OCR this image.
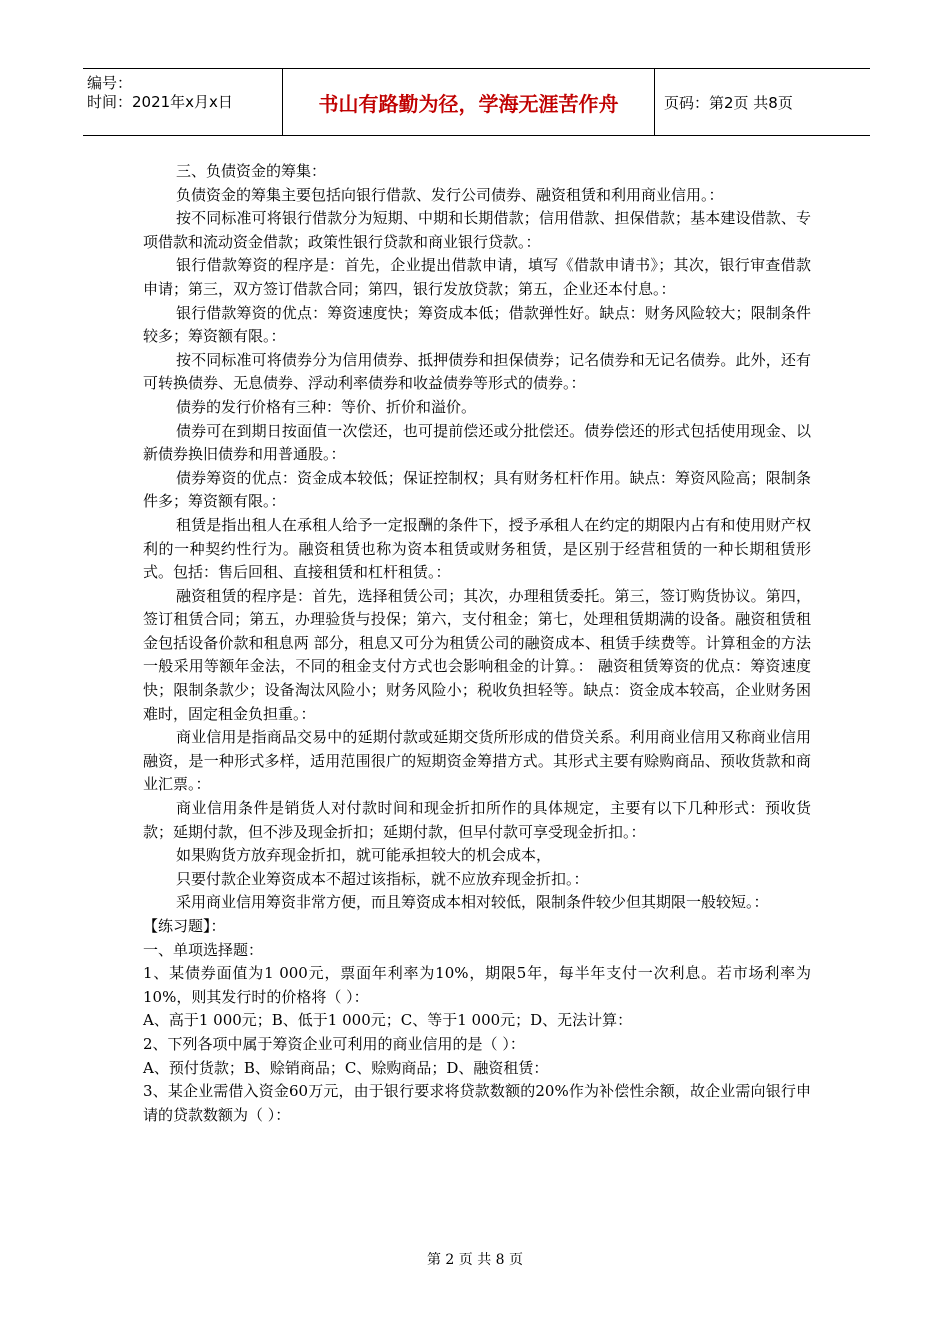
编号：
时间：2021年x月x日	书山有路勤为径，学海无涯苦作舟	页码：第2页 共8页

三、负债资金的筹集：

负债资金的筹集主要包括向银行借款、发行公司债券、融资租赁和利用商业信用。：

按不同标准可将银行借款分为短期、中期和长期借款；信用借款、担保借款；基本建设借款、专项借款和流动资金借款；政策性银行贷款和商业银行贷款。：

银行借款筹资的程序是：首先，企业提出借款申请，填写《借款申请书》；其次，银行审查借款申请；第三，双方签订借款合同；第四，银行发放贷款；第五，企业还本付息。：

银行借款筹资的优点：筹资速度快；筹资成本低；借款弹性好。缺点：财务风险较大；限制条件较多；筹资额有限。：

按不同标准可将债券分为信用债券、抵押债券和担保债券；记名债券和无记名债券。此外，还有可转换债券、无息债券、浮动利率债券和收益债券等形式的债券。：

债券的发行价格有三种：等价、折价和溢价。

债券可在到期日按面值一次偿还，也可提前偿还或分批偿还。债券偿还的形式包括使用现金、以新债券换旧债券和用普通股。：

债券筹资的优点：资金成本较低；保证控制权；具有财务杠杆作用。缺点：筹资风险高；限制条件多；筹资额有限。：

租赁是指出租人在承租人给予一定报酬的条件下，授予承租人在约定的期限内占有和使用财产权利的一种契约性行为。融资租赁也称为资本租赁或财务租赁，是区别于经营租赁的一种长期租赁形式。包括：售后回租、直接租赁和杠杆租赁。：

融资租赁的程序是：首先，选择租赁公司；其次，办理租赁委托。第三，签订购货协议。第四，签订租赁合同；第五，办理验货与投保；第六，支付租金；第七，处理租赁期满的设备。融资租赁租金包括设备价款和租息两 部分，租息又可分为租赁公司的融资成本、租赁手续费等。计算租金的方法一般采用等额年金法，不同的租金支付方式也会影响租金的计算。： 融资租赁筹资的优点：筹资速度快；限制条款少；设备淘汰风险小；财务风险小；税收负担轻等。缺点：资金成本较高，企业财务困难时，固定租金负担重。：

商业信用是指商品交易中的延期付款或延期交货所形成的借贷关系。利用商业信用又称商业信用融资，是一种形式多样，适用范围很广的短期资金筹措方式。其形式主要有赊购商品、预收货款和商业汇票。：

商业信用条件是销货人对付款时间和现金折扣所作的具体规定，主要有以下几种形式：预收货款；延期付款，但不涉及现金折扣；延期付款，但早付款可享受现金折扣。：

如果购货方放弃现金折扣，就可能承担较大的机会成本，

只要付款企业筹资成本不超过该指标，就不应放弃现金折扣。：

采用商业信用筹资非常方便，而且筹资成本相对较低，限制条件较少但其期限一般较短。：

【练习题】：

一、单项选择题：

1、某债券面值为1 000元，票面年利率为10%，期限5年，每半年支付一次利息。若市场利率为10%，则其发行时的价格将（ ）：

A、高于1 000元；B、低于1 000元；C、等于1 000元；D、无法计算：

2、下列各项中属于筹资企业可利用的商业信用的是（ ）：

A、预付货款；B、赊销商品；C、赊购商品；D、融资租赁：

3、某企业需借入资金60万元，由于银行要求将贷款数额的20%作为补偿性余额，故企业需向银行申请的贷款数额为（ ）：

第 2 页 共 8 页
